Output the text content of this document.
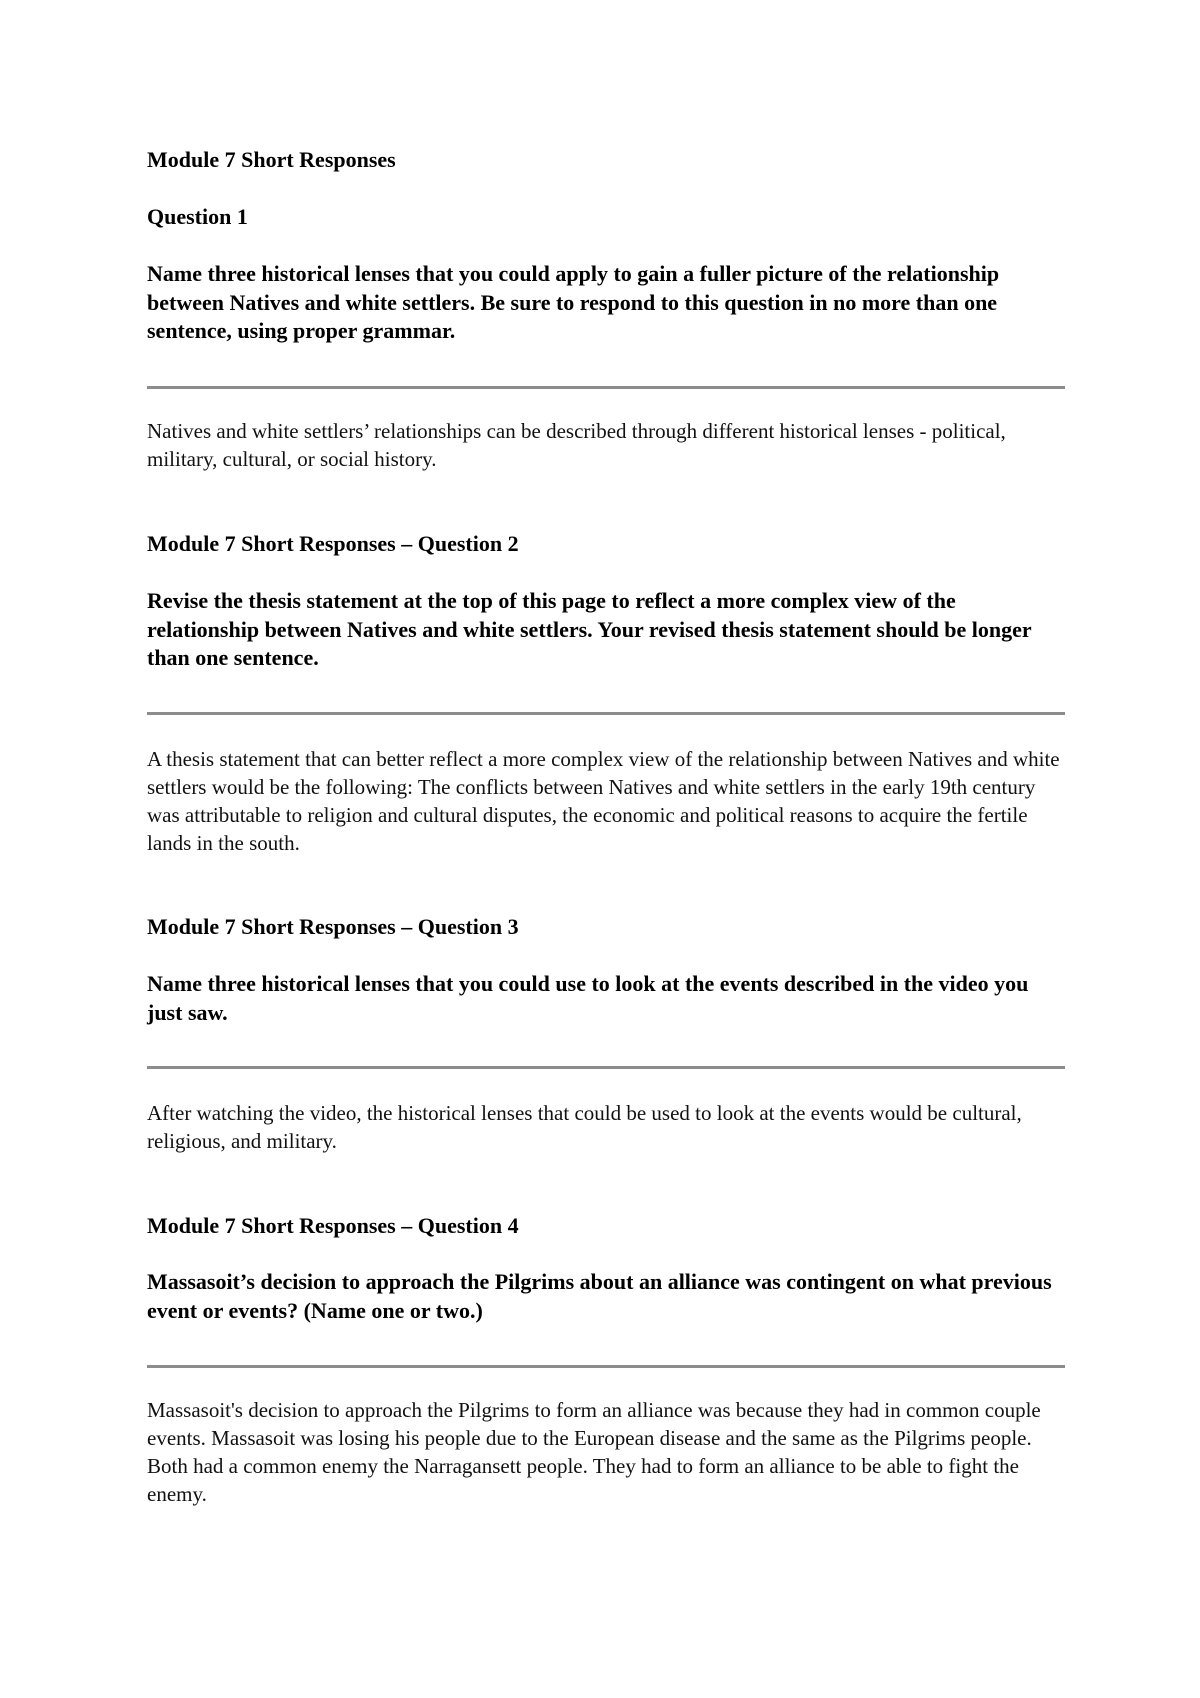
Module 7 Short Responses

Question 1

Name three historical lenses that you could apply to gain a fuller picture of the relationship between Natives and white settlers. Be sure to respond to this question in no more than one sentence, using proper grammar.

Natives and white settlers’ relationships can be described through different historical lenses - political, military, cultural, or social history.

Module 7 Short Responses – Question 2

Revise the thesis statement at the top of this page to reflect a more complex view of the relationship between Natives and white settlers. Your revised thesis statement should be longer than one sentence.

A thesis statement that can better reflect a more complex view of the relationship between Natives and white settlers would be the following: The conflicts between Natives and white settlers in the early 19th century was attributable to religion and cultural disputes, the economic and political reasons to acquire the fertile lands in the south.

Module 7 Short Responses – Question 3

Name three historical lenses that you could use to look at the events described in the video you just saw.

After watching the video, the historical lenses that could be used to look at the events would be cultural, religious, and military.

Module 7 Short Responses – Question 4

Massasoit’s decision to approach the Pilgrims about an alliance was contingent on what previous event or events? (Name one or two.)

Massasoit's decision to approach the Pilgrims to form an alliance was because they had in common couple events. Massasoit was losing his people due to the European disease and the same as the Pilgrims people. Both had a common enemy the Narragansett people. They had to form an alliance to be able to fight the enemy.
